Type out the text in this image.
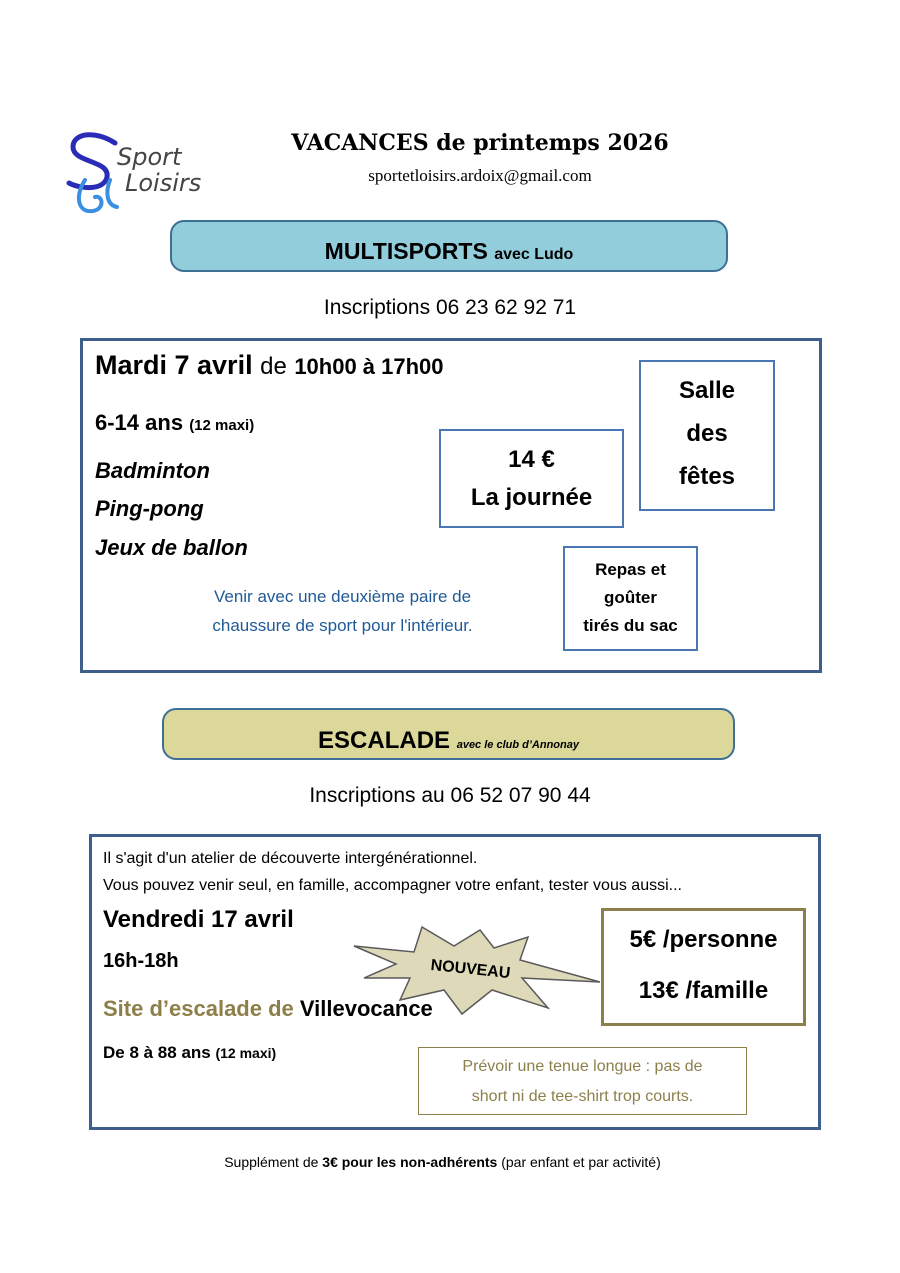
Sport
Loisirs
VACANCES de printemps 2026
sportetloisirs.ardoix@gmail.com
MULTISPORTS avec Ludo
Inscriptions 06 23 62 92 71
Mardi 7 avril de 10h00 à 17h00
6-14 ans (12 maxi)
Badminton
Ping-pong
Jeux de ballon
Venir avec une deuxième paire de
chaussure de sport pour l'intérieur.
14 €
La journée
Salle
des
fêtes
Repas et
goûter
tirés du sac
ESCALADE avec le club d’Annonay
Inscriptions au 06 52 07 90 44
Il s'agit d'un atelier de découverte intergénérationnel.
Vous pouvez venir seul, en famille, accompagner votre enfant, tester vous aussi...
Vendredi 17 avril
16h-18h
Site d’escalade de Villevocance
De 8 à 88 ans (12 maxi)
NOUVEAU
5€ /personne
13€ /famille
Prévoir une tenue longue : pas de
short ni de tee-shirt trop courts.
Supplément de 3€ pour les non-adhérents (par enfant et par activité)
